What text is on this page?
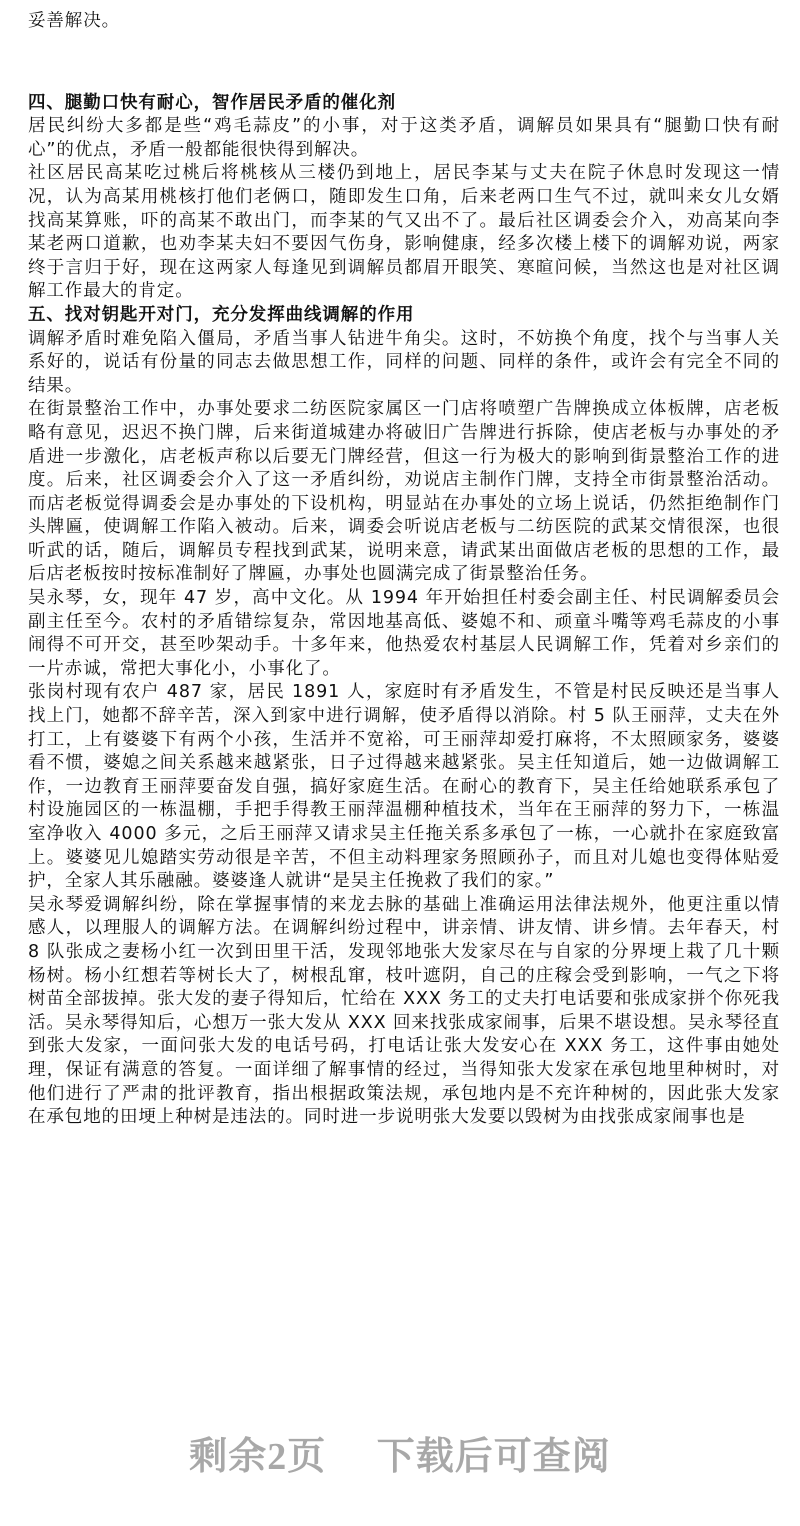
妥善解决。

四、腿勤口快有耐心，智作居民矛盾的催化剂

居民纠纷大多都是些“鸡毛蒜皮”的小事，对于这类矛盾，调解员如果具有“腿勤口快有耐心”的优点，矛盾一般都能很快得到解决。

社区居民高某吃过桃后将桃核从三楼仍到地上，居民李某与丈夫在院子休息时发现这一情况，认为高某用桃核打他们老俩口，随即发生口角，后来老两口生气不过，就叫来女儿女婿找高某算账，吓的高某不敢出门，而李某的气又出不了。最后社区调委会介入，劝高某向李某老两口道歉，也劝李某夫妇不要因气伤身，影响健康，经多次楼上楼下的调解劝说，两家终于言归于好，现在这两家人每逢见到调解员都眉开眼笑、寒暄问候，当然这也是对社区调解工作最大的肯定。

五、找对钥匙开对门，充分发挥曲线调解的作用

调解矛盾时难免陷入僵局，矛盾当事人钻进牛角尖。这时，不妨换个角度，找个与当事人关系好的，说话有份量的同志去做思想工作，同样的问题、同样的条件，或许会有完全不同的结果。

在街景整治工作中，办事处要求二纺医院家属区一门店将喷塑广告牌换成立体板牌，店老板略有意见，迟迟不换门牌，后来街道城建办将破旧广告牌进行拆除，使店老板与办事处的矛盾进一步激化，店老板声称以后要无门牌经营，但这一行为极大的影响到街景整治工作的进度。后来，社区调委会介入了这一矛盾纠纷，劝说店主制作门牌，支持全市街景整治活动。而店老板觉得调委会是办事处的下设机构，明显站在办事处的立场上说话，仍然拒绝制作门头牌匾，使调解工作陷入被动。后来，调委会听说店老板与二纺医院的武某交情很深，也很听武的话，随后，调解员专程找到武某，说明来意，请武某出面做店老板的思想的工作，最后店老板按时按标准制好了牌匾，办事处也圆满完成了街景整治任务。

吴永琴，女，现年 47 岁，高中文化。从 1994 年开始担任村委会副主任、村民调解委员会副主任至今。农村的矛盾错综复杂，常因地基高低、婆媳不和、顽童斗嘴等鸡毛蒜皮的小事闹得不可开交，甚至吵架动手。十多年来，他热爱农村基层人民调解工作，凭着对乡亲们的一片赤诚，常把大事化小，小事化了。

张岗村现有农户 487 家，居民 1891 人，家庭时有矛盾发生，不管是村民反映还是当事人找上门，她都不辞辛苦，深入到家中进行调解，使矛盾得以消除。村 5 队王丽萍，丈夫在外打工，上有婆婆下有两个小孩，生活并不宽裕，可王丽萍却爱打麻将，不太照顾家务，婆婆看不惯，婆媳之间关系越来越紧张，日子过得越来越紧张。吴主任知道后，她一边做调解工作，一边教育王丽萍要奋发自强，搞好家庭生活。在耐心的教育下，吴主任给她联系承包了村设施园区的一栋温棚，手把手得教王丽萍温棚种植技术，当年在王丽萍的努力下，一栋温室净收入 4000 多元，之后王丽萍又请求吴主任拖关系多承包了一栋，一心就扑在家庭致富上。婆婆见儿媳踏实劳动很是辛苦，不但主动料理家务照顾孙子，而且对儿媳也变得体贴爱护，全家人其乐融融。婆婆逢人就讲“是吴主任挽救了我们的家。”

吴永琴爱调解纠纷，除在掌握事情的来龙去脉的基础上准确运用法律法规外，他更注重以情感人，以理服人的调解方法。在调解纠纷过程中，讲亲情、讲友情、讲乡情。去年春天，村 8 队张成之妻杨小红一次到田里干活，发现邻地张大发家尽在与自家的分界埂上栽了几十颗杨树。杨小红想若等树长大了，树根乱窜，枝叶遮阴，自己的庄稼会受到影响，一气之下将树苗全部拔掉。张大发的妻子得知后，忙给在 XXX 务工的丈夫打电话要和张成家拼个你死我活。吴永琴得知后，心想万一张大发从 XXX 回来找张成家闹事，后果不堪设想。吴永琴径直到张大发家，一面问张大发的电话号码，打电话让张大发安心在 XXX 务工，这件事由她处理，保证有满意的答复。一面详细了解事情的经过，当得知张大发家在承包地里种树时，对他们进行了严肃的批评教育，指出根据政策法规，承包地内是不充许种树的，因此张大发家在承包地的田埂上种树是违法的。同时进一步说明张大发要以毁树为由找张成家闹事也是

剩余2页 下载后可查阅
